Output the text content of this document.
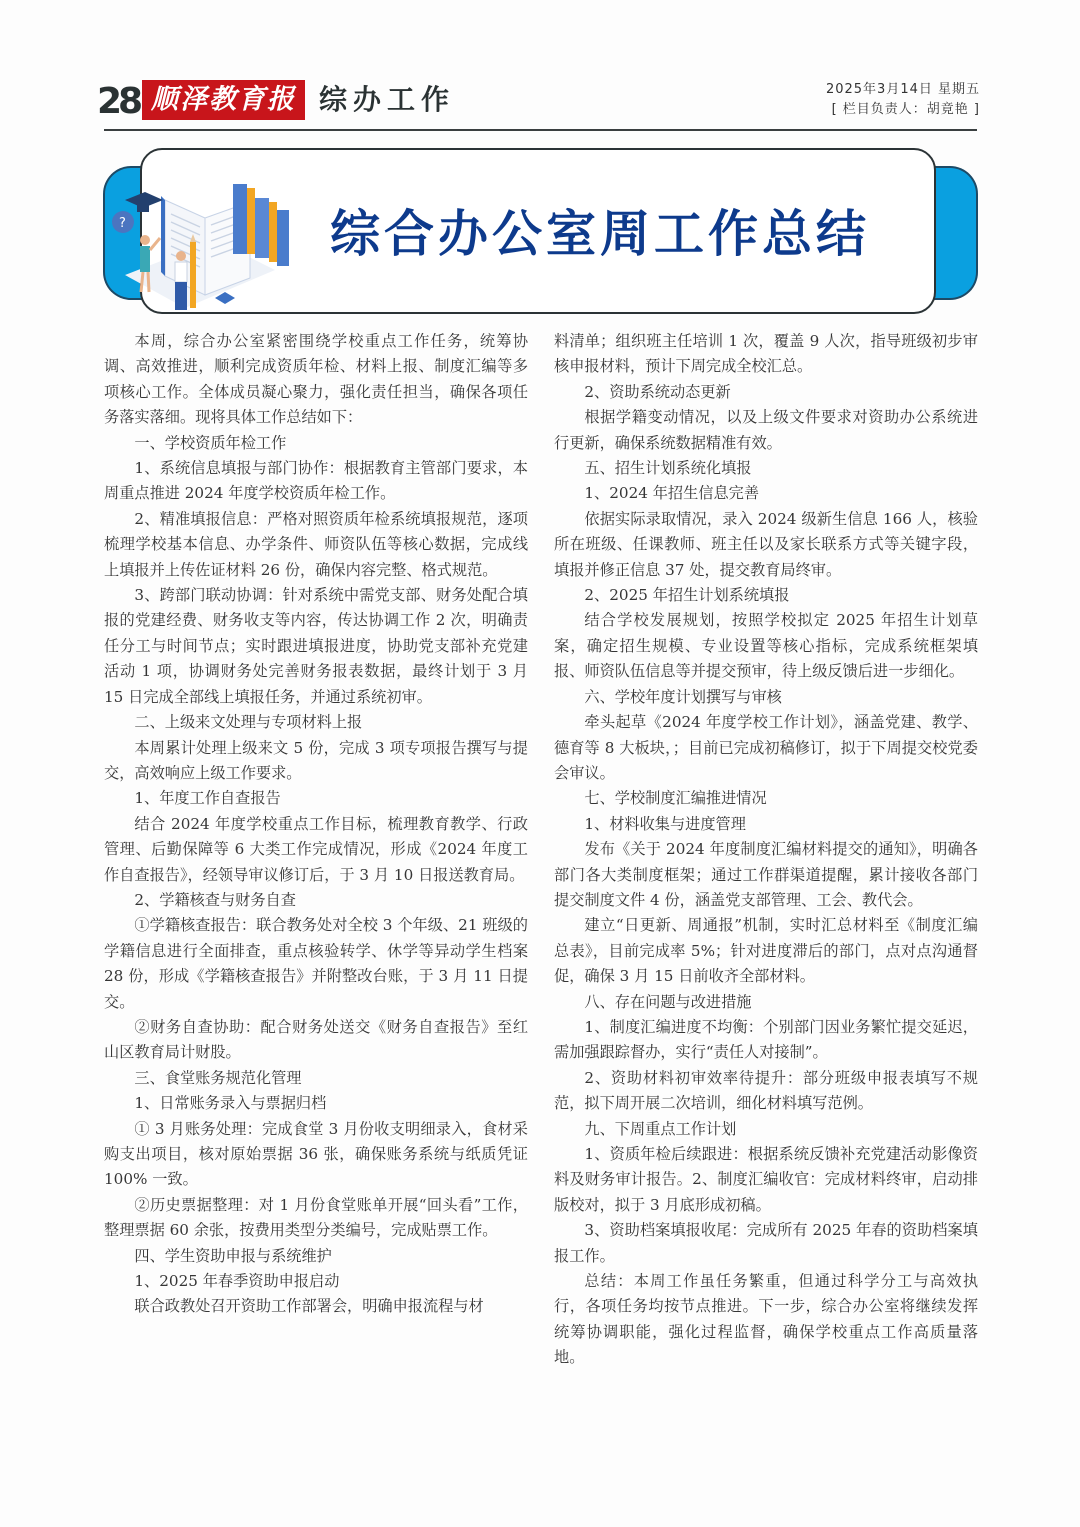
28 顺泽教育报 综办工作	2025年3月14日 星期五
[ 栏目负责人：胡竟艳 ]
?	综合办公室周工作总结

本周，综合办公室紧密围绕学校重点工作任务，统筹协调、高效推进，顺利完成资质年检、材料上报、制度汇编等多项核心工作。全体成员凝心聚力，强化责任担当，确保各项任务落实落细。现将具体工作总结如下：

一、学校资质年检工作

1、系统信息填报与部门协作：根据教育主管部门要求，本周重点推进 2024 年度学校资质年检工作。

2、精准填报信息：严格对照资质年检系统填报规范，逐项梳理学校基本信息、办学条件、师资队伍等核心数据，完成线上填报并上传佐证材料 26 份，确保内容完整、格式规范。

3、跨部门联动协调：针对系统中需党支部、财务处配合填报的党建经费、财务收支等内容，传达协调工作 2 次，明确责任分工与时间节点；实时跟进填报进度，协助党支部补充党建活动 1 项，协调财务处完善财务报表数据，最终计划于 3 月 15 日完成全部线上填报任务，并通过系统初审。

二、上级来文处理与专项材料上报

本周累计处理上级来文 5 份，完成 3 项专项报告撰写与提交，高效响应上级工作要求。

1、年度工作自查报告

结合 2024 年度学校重点工作目标，梳理教育教学、行政管理、后勤保障等 6 大类工作完成情况，形成《2024 年度工作自查报告》，经领导审议修订后，于 3 月 10 日报送教育局。

2、学籍核查与财务自查

①学籍核查报告：联合教务处对全校 3 个年级、21 班级的学籍信息进行全面排查，重点核验转学、休学等异动学生档案 28 份，形成《学籍核查报告》并附整改台账，于 3 月 11 日提交。

②财务自查协助：配合财务处送交《财务自查报告》至红山区教育局计财股。

三、食堂账务规范化管理

1、日常账务录入与票据归档

① 3 月账务处理：完成食堂 3 月份收支明细录入，食材采购支出项目，核对原始票据 36 张，确保账务系统与纸质凭证 100% 一致。

②历史票据整理：对 1 月份食堂账单开展“回头看”工作，整理票据 60 余张，按费用类型分类编号，完成贴票工作。

四、学生资助申报与系统维护

1、2025 年春季资助申报启动

联合政教处召开资助工作部署会，明确申报流程与材

料清单；组织班主任培训 1 次，覆盖 9 人次，指导班级初步审核申报材料，预计下周完成全校汇总。

2、资助系统动态更新

根据学籍变动情况，以及上级文件要求对资助办公系统进行更新，确保系统数据精准有效。

五、招生计划系统化填报

1、2024 年招生信息完善

依据实际录取情况，录入 2024 级新生信息 166 人，核验所在班级、任课教师、班主任以及家长联系方式等关键字段，填报并修正信息 37 处，提交教育局终审。

2、2025 年招生计划系统填报

结合学校发展规划，按照学校拟定 2025 年招生计划草案，确定招生规模、专业设置等核心指标，完成系统框架填报、师资队伍信息等并提交预审，待上级反馈后进一步细化。

六、学校年度计划撰写与审核

牵头起草《2024 年度学校工作计划》，涵盖党建、教学、德育等 8 大板块，；目前已完成初稿修订，拟于下周提交校党委会审议。

七、学校制度汇编推进情况

1、材料收集与进度管理

发布《关于 2024 年度制度汇编材料提交的通知》，明确各部门各大类制度框架；通过工作群渠道提醒，累计接收各部门提交制度文件 4 份，涵盖党支部管理、工会、教代会。

建立“日更新、周通报”机制，实时汇总材料至《制度汇编总表》，目前完成率 5%；针对进度滞后的部门，点对点沟通督促，确保 3 月 15 日前收齐全部材料。

八、存在问题与改进措施

1、制度汇编进度不均衡：个别部门因业务繁忙提交延迟，需加强跟踪督办，实行“责任人对接制”。

2、资助材料初审效率待提升：部分班级申报表填写不规范，拟下周开展二次培训，细化材料填写范例。

九、下周重点工作计划

1、资质年检后续跟进：根据系统反馈补充党建活动影像资料及财务审计报告。2、制度汇编收官：完成材料终审，启动排版校对，拟于 3 月底形成初稿。

3、资助档案填报收尾：完成所有 2025 年春的资助档案填报工作。

总结：本周工作虽任务繁重，但通过科学分工与高效执行，各项任务均按节点推进。下一步，综合办公室将继续发挥统筹协调职能，强化过程监督，确保学校重点工作高质量落地。
